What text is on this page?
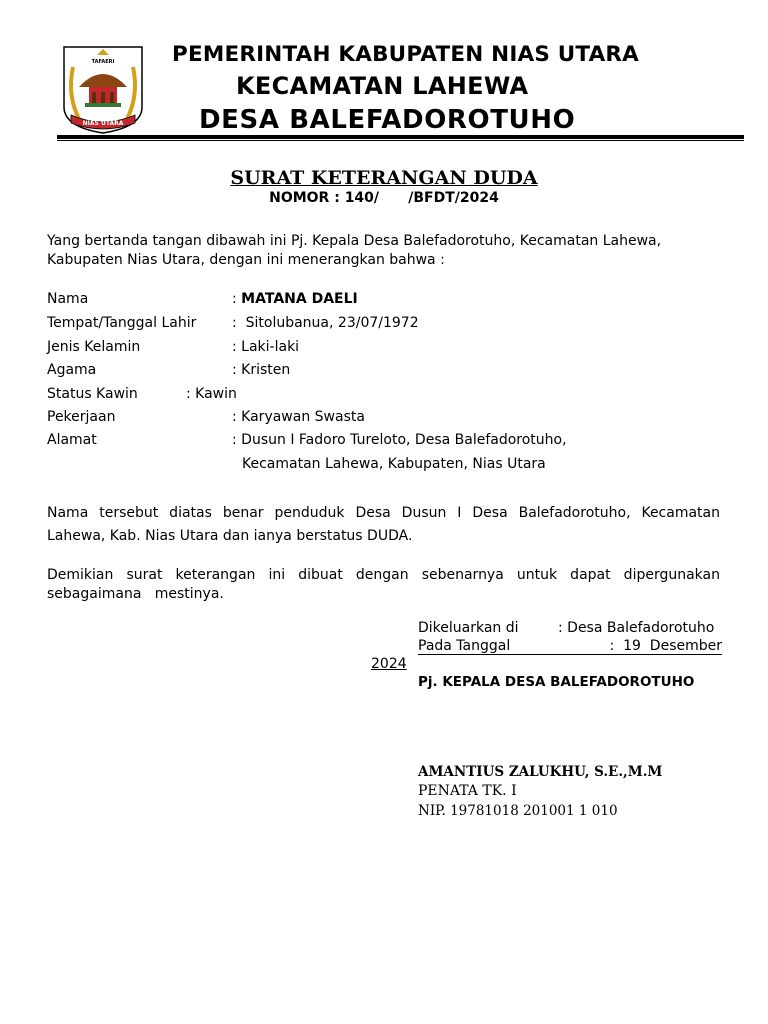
TAFAERI
NIAS UTARA
PEMERINTAH KABUPATEN NIAS UTARA
KECAMATAN LAHEWA
DESA BALEFADOROTUHO
SURAT KETERANGAN DUDA
NOMOR : 140/      /BFDT/2024
Yang bertanda tangan dibawah ini Pj. Kepala Desa Balefadorotuho, Kecamatan Lahewa,
Kabupaten Nias Utara, dengan ini menerangkan bahwa :
Nama	: MATANA DAELI
Tempat/Tanggal Lahir	:  Sitolubanua, 23/07/1972
Jenis Kelamin	: Laki-laki
Agama	: Kristen
Status Kawin	: Kawin
Pekerjaan	: Karyawan Swasta
Alamat	: Dusun I Fadoro Tureloto, Desa Balefadorotuho,
Kecamatan Lahewa, Kabupaten, Nias Utara
Nama tersebut diatas benar penduduk Desa Dusun I Desa Balefadorotuho, Kecamatan
Lahewa, Kab. Nias Utara dan ianya berstatus DUDA.
Demikian surat keterangan ini dibuat dengan sebenarnya untuk dapat dipergunakan
sebagaimana   mestinya.
Dikeluarkan di	: Desa Balefadorotuho
Pada Tanggal	:  19  Desember
2024
Pj. KEPALA DESA BALEFADOROTUHO
AMANTIUS ZALUKHU, S.E.,M.M
PENATA TK. I
NIP. 19781018 201001 1 010
